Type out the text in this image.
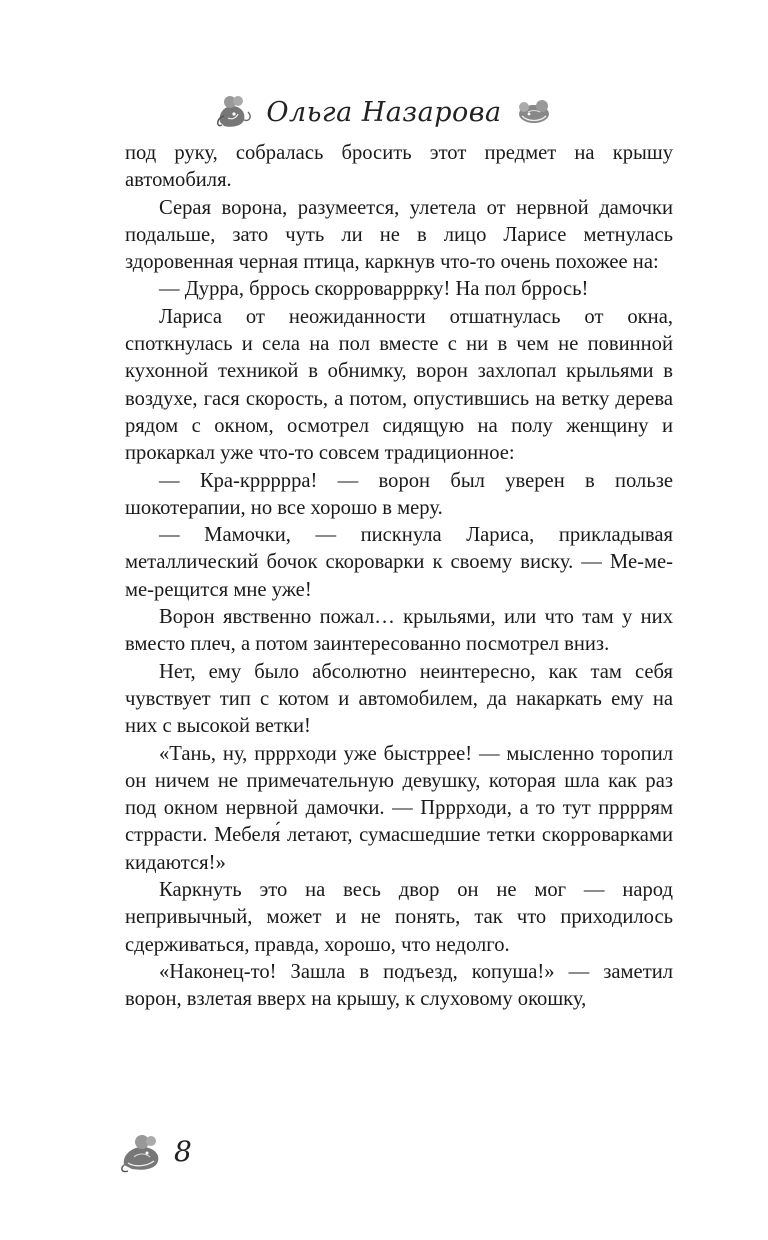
Ольга Назарова

под руку, собралась бросить этот предмет на крышу автомобиля.

Серая ворона, разумеется, улетела от нервной дамочки подальше, зато чуть ли не в лицо Ларисе метнулась здоровенная черная птица, каркнув что-то очень похожее на:

— Дурра, бррось скорроварррку! На пол бррось!

Лариса от неожиданности отшатнулась от окна, споткнулась и села на пол вместе с ни в чем не повинной кухонной техникой в обнимку, ворон захлопал крыльями в воздухе, гася скорость, а потом, опустившись на ветку дерева рядом с окном, осмотрел сидящую на полу женщину и прокаркал уже что-то совсем традиционное:

— Кра-кррррра! — ворон был уверен в пользе шокотерапии, но все хорошо в меру.

— Мамочки, — пискнула Лариса, прикладывая металлический бочок скороварки к своему виску. — Ме-ме-ме-рещится мне уже!

Ворон явственно пожал… крыльями, или что там у них вместо плеч, а потом заинтересованно посмотрел вниз.

Нет, ему было абсолютно неинтересно, как там себя чувствует тип с котом и автомобилем, да накаркать ему на них с высокой ветки!

«Тань, ну, прррходи уже быстррее! — мысленно торопил он ничем не примечательную девушку, которая шла как раз под окном нервной дамочки. — Прррходи, а то тут пррррям стррасти. Мебеля́ летают, сумасшедшие тетки скорроварками кидаются!»

Каркнуть это на весь двор он не мог — народ непривычный, может и не понять, так что приходилось сдерживаться, правда, хорошо, что недолго.

«Наконец-то! Зашла в подъезд, копуша!» — заметил ворон, взлетая вверх на крышу, к слуховому окошку,

8
